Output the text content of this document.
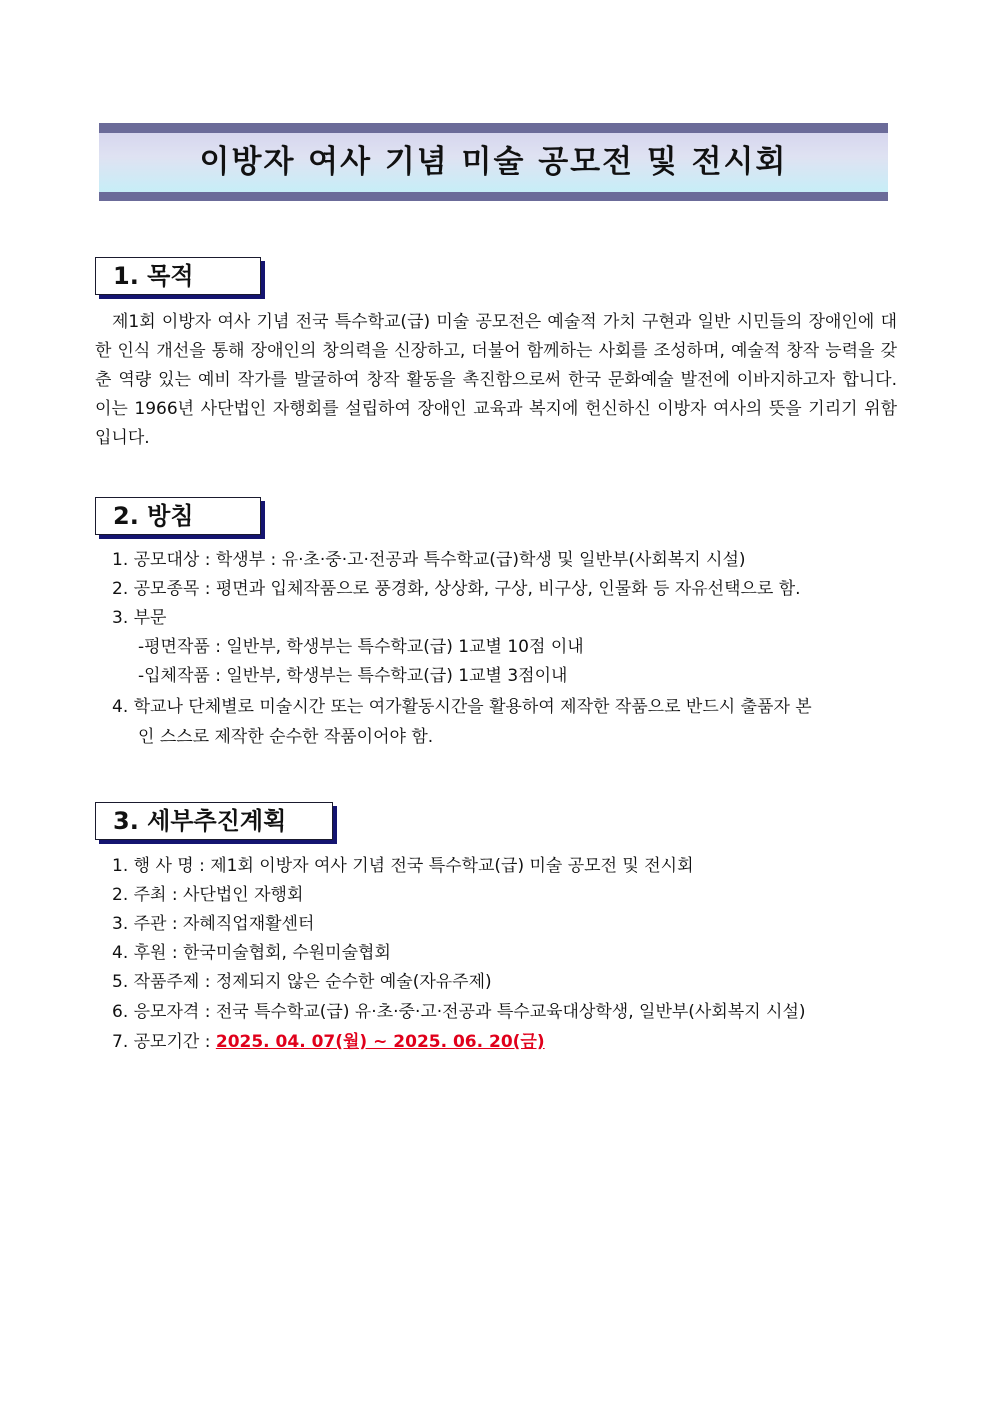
이방자 여사 기념 미술 공모전 및 전시회
1. 목적

제1회 이방자 여사 기념 전국 특수학교(급) 미술 공모전은 예술적 가치 구현과 일반 시민들의 장애인에 대한 인식 개선을 통해 장애인의 창의력을 신장하고, 더불어 함께하는 사회를 조성하며, 예술적 창작 능력을 갖춘 역량 있는 예비 작가를 발굴하여 창작 활동을 촉진함으로써 한국 문화예술 발전에 이바지하고자 합니다. 이는 1966년 사단법인 자행회를 설립하여 장애인 교육과 복지에 헌신하신 이방자 여사의 뜻을 기리기 위함입니다.

2. 방침
1. 공모대상 : 학생부 : 유·초·중·고·전공과 특수학교(급)학생 및 일반부(사회복지 시설)
2. 공모종목 : 평면과 입체작품으로 풍경화, 상상화, 구상, 비구상, 인물화 등 자유선택으로 함.
3. 부문
-평면작품 : 일반부, 학생부는 특수학교(급) 1교별 10점 이내
-입체작품 : 일반부, 학생부는 특수학교(급) 1교별 3점이내
4. 학교나 단체별로 미술시간 또는 여가활동시간을 활용하여 제작한 작품으로 반드시 출품자 본
인 스스로 제작한 순수한 작품이어야 함.
3. 세부추진계획
1. 행 사 명 : 제1회 이방자 여사 기념 전국 특수학교(급) 미술 공모전 및 전시회
2. 주최 : 사단법인 자행회
3. 주관 : 자혜직업재활센터
4. 후원 : 한국미술협회, 수원미술협회
5. 작품주제 : 정제되지 않은 순수한 예술(자유주제)
6. 응모자격 : 전국 특수학교(급) 유·초·중·고·전공과 특수교육대상학생, 일반부(사회복지 시설)
7. 공모기간 : 2025. 04. 07(월) ~ 2025. 06. 20(금)
